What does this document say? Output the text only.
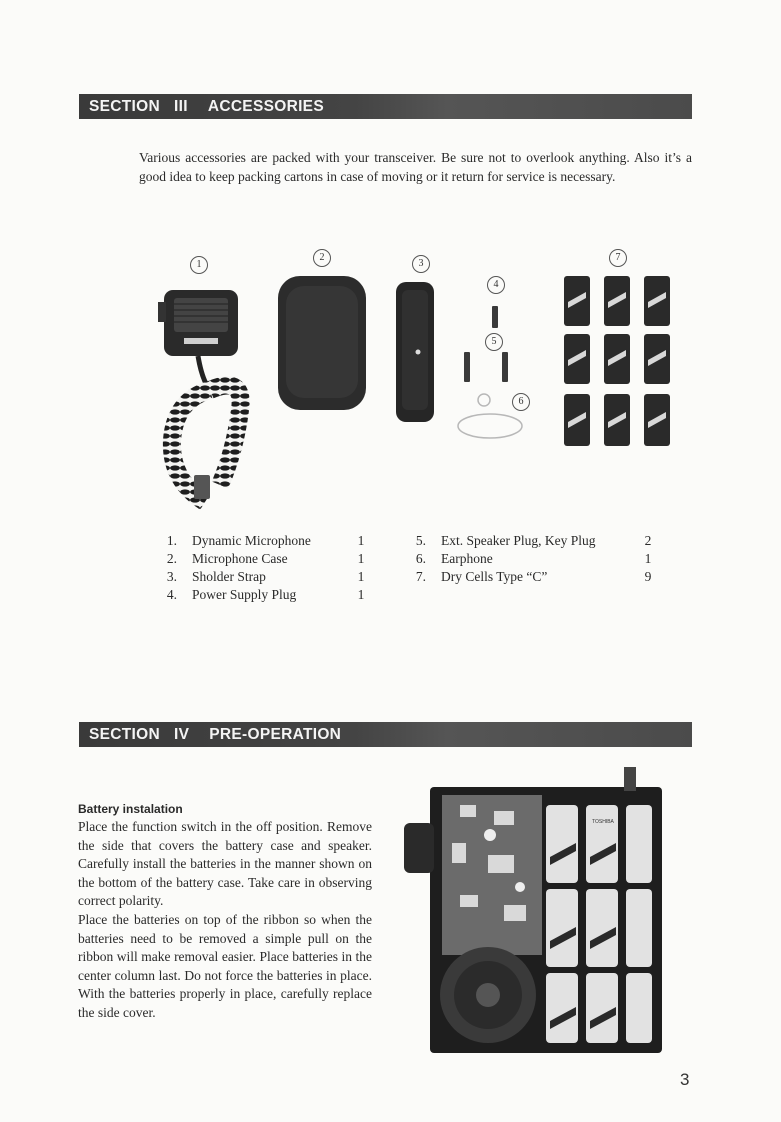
SECTION III ACCESSORIES
Various accessories are packed with your transceiver. Be sure not to overlook anything. Also it’s a good idea to keep packing cartons in case of moving or it return for service is necessary.
1
2
3
4
5
6
7
1. Dynamic Microphone	1
2. Microphone Case	1
3. Sholder Strap	1
4. Power Supply Plug	1
5. Ext. Speaker Plug, Key Plug	2
6. Earphone	1
7. Dry Cells Type “C”	9
SECTION IV PRE-OPERATION
Battery instalation

Place the function switch in the off position. Remove the side that covers the battery case and speaker. Carefully install the batteries in the manner shown on the bottom of the battery case. Take care in observing correct polarity.

Place the batteries on top of the ribbon so when the batteries need to be removed a simple pull on the ribbon will make removal easier. Place batteries in the center column last. Do not force the batteries in place. With the batteries properly in place, carefully replace the side cover.

TOSHIBA
3
